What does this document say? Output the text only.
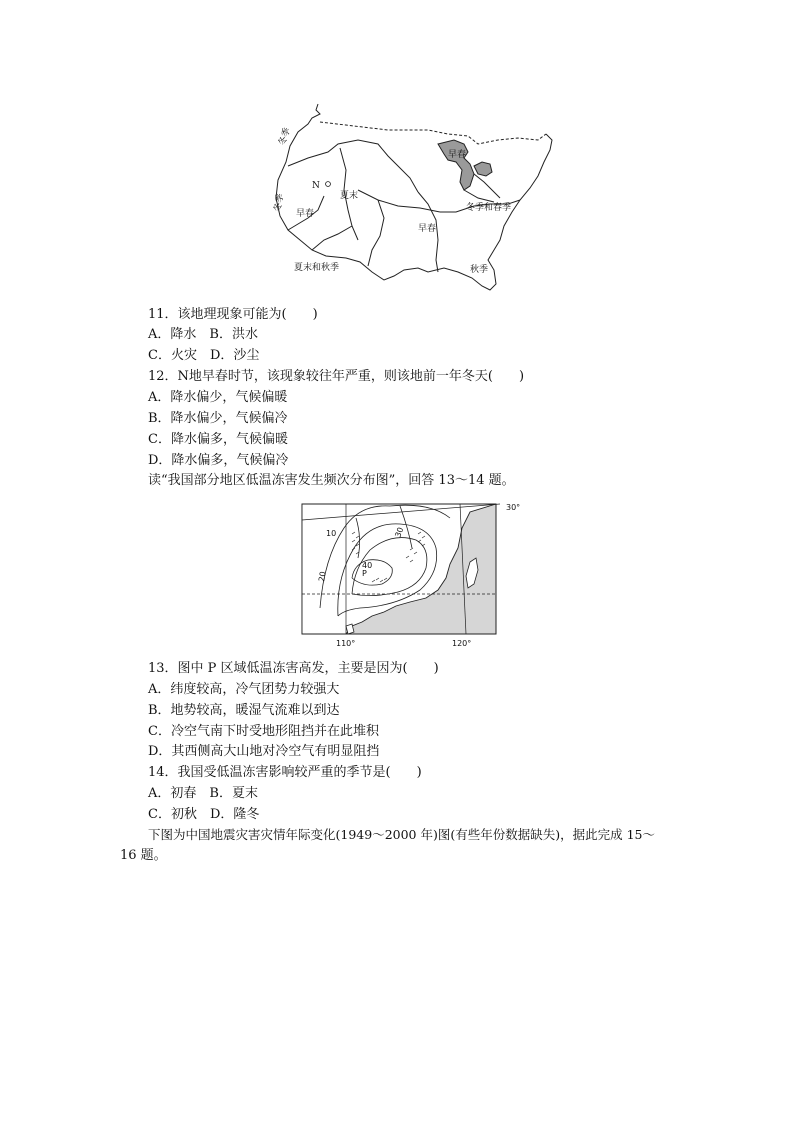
冬季
冬季
N
早春
夏末
早春
早春
冬季和春季
夏末和秋季	秋季
11．该地理现象可能为(　　)
A．降水　B．洪水
C．火灾　D．沙尘
12．N地早春时节，该现象较往年严重，则该地前一年冬天(　　)
A．降水偏少，气候偏暖
B．降水偏少，气候偏冷
C．降水偏多，气候偏暖
D．降水偏多，气候偏冷
读“我国部分地区低温冻害发生频次分布图”，回答 13～14 题。
10
20
30
40
P
30°
110°	120°
13．图中 P 区域低温冻害高发，主要是因为(　　)
A．纬度较高，冷气团势力较强大
B．地势较高，暖湿气流难以到达
C．冷空气南下时受地形阻挡并在此堆积
D．其西侧高大山地对冷空气有明显阻挡
14．我国受低温冻害影响较严重的季节是(　　)
A．初春　B．夏末
C．初秋　D．隆冬
下图为中国地震灾害灾情年际变化(1949～2000 年)图(有些年份数据缺失)，据此完成 15～
16 题。
